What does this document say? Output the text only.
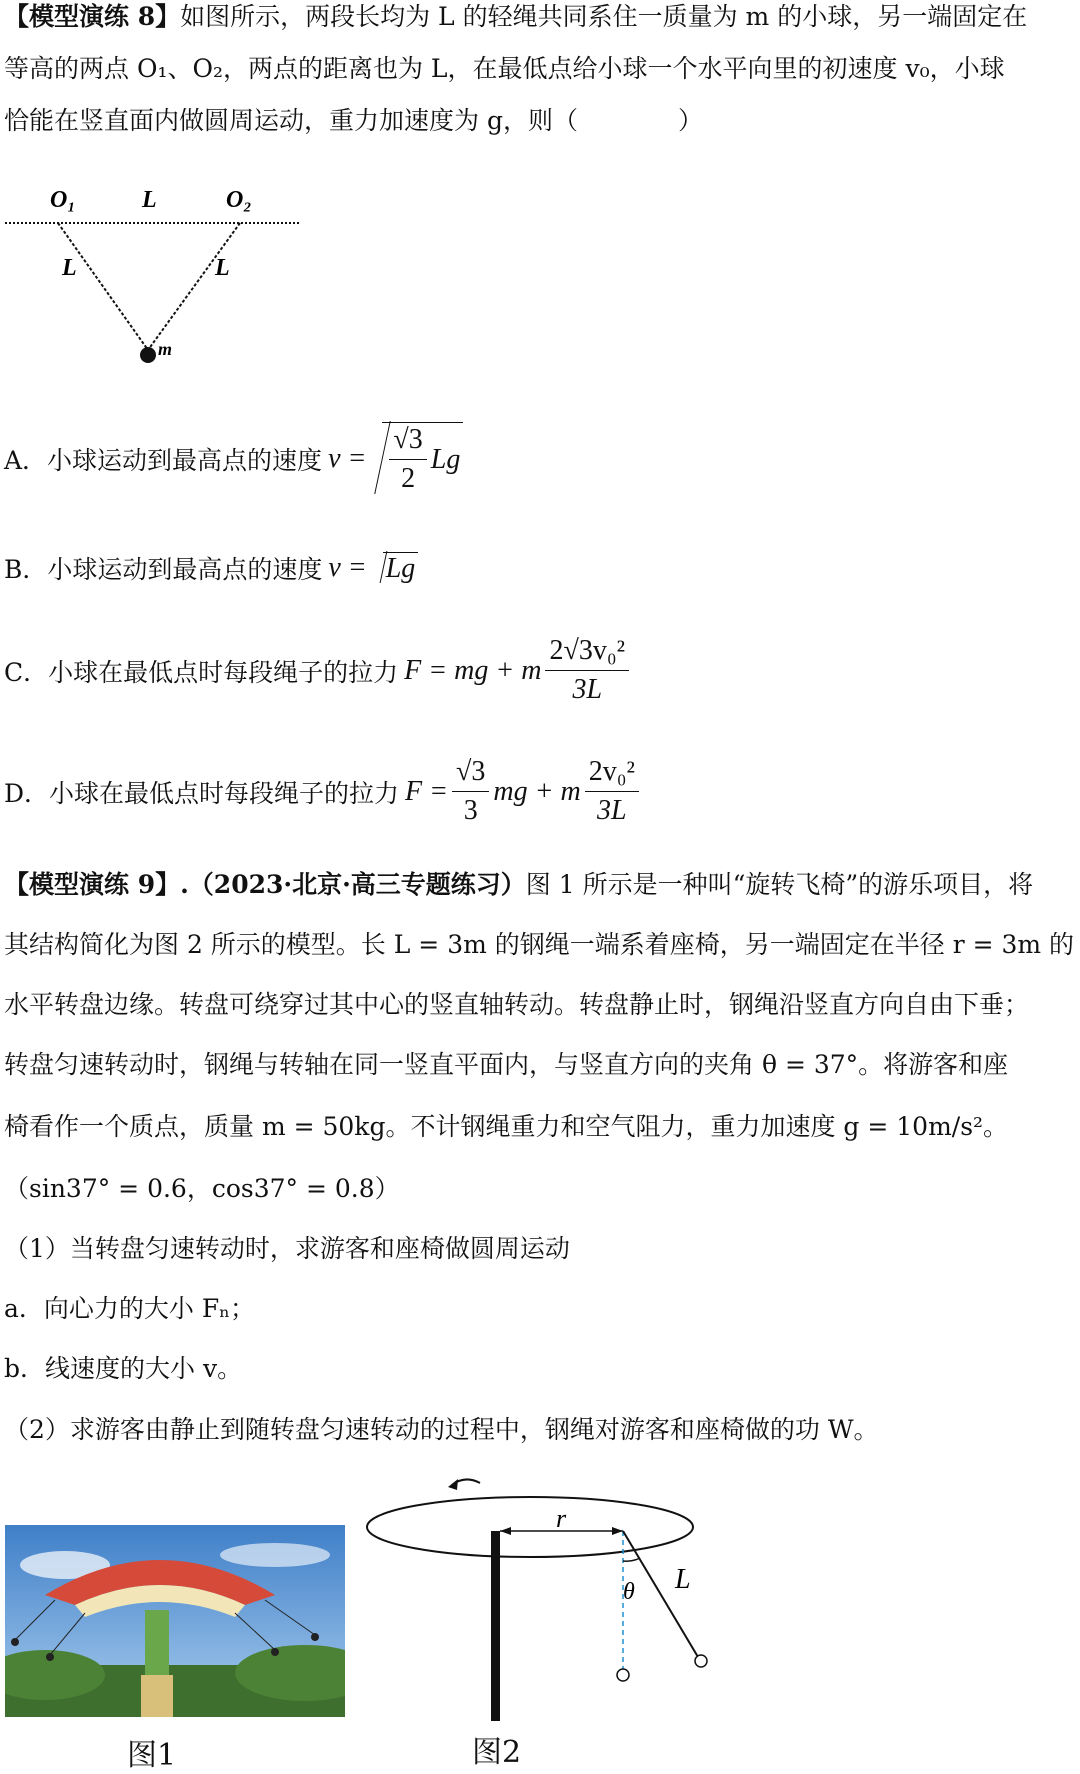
【模型演练 8】如图所示，两段长均为 L 的轻绳共同系住一质量为 m 的小球，另一端固定在
等高的两点 O₁、O₂，两点的距离也为 L，在最低点给小球一个水平向里的初速度 v₀，小球
恰能在竖直面内做圆周运动，重力加速度为 g，则（　　　　）
O₁	L	O₂
L	L
m
A．小球运动到最高点的速度 $v = \frac{√3}{2}$ Lg
B．小球运动到最高点的速度 v = Lg
C．小球在最低点时每段绳子的拉力 F = mg + m $\frac{\text{2√3v₀²}}{3L}$
D．小球在最低点时每段绳子的拉力 $F = \frac{√3}{3}$ mg + m $\frac{\text{2v₀²}}{3L}$
【模型演练 9】.（2023·北京·高三专题练习）图 1 所示是一种叫“旋转飞椅”的游乐项目，将
其结构简化为图 2 所示的模型。长 L = 3m 的钢绳一端系着座椅，另一端固定在半径 r = 3m 的
水平转盘边缘。转盘可绕穿过其中心的竖直轴转动。转盘静止时，钢绳沿竖直方向自由下垂；
转盘匀速转动时，钢绳与转轴在同一竖直平面内，与竖直方向的夹角 θ = 37°。将游客和座
椅看作一个质点，质量 m = 50kg。不计钢绳重力和空气阻力，重力加速度 g = 10m/s²。
（sin37° = 0.6，cos37° = 0.8）
（1）当转盘匀速转动时，求游客和座椅做圆周运动
a．向心力的大小 Fₙ；
b．线速度的大小 v。
（2）求游客由静止到随转盘匀速转动的过程中，钢绳对游客和座椅做的功 W。
图1
r
θ L
图2
